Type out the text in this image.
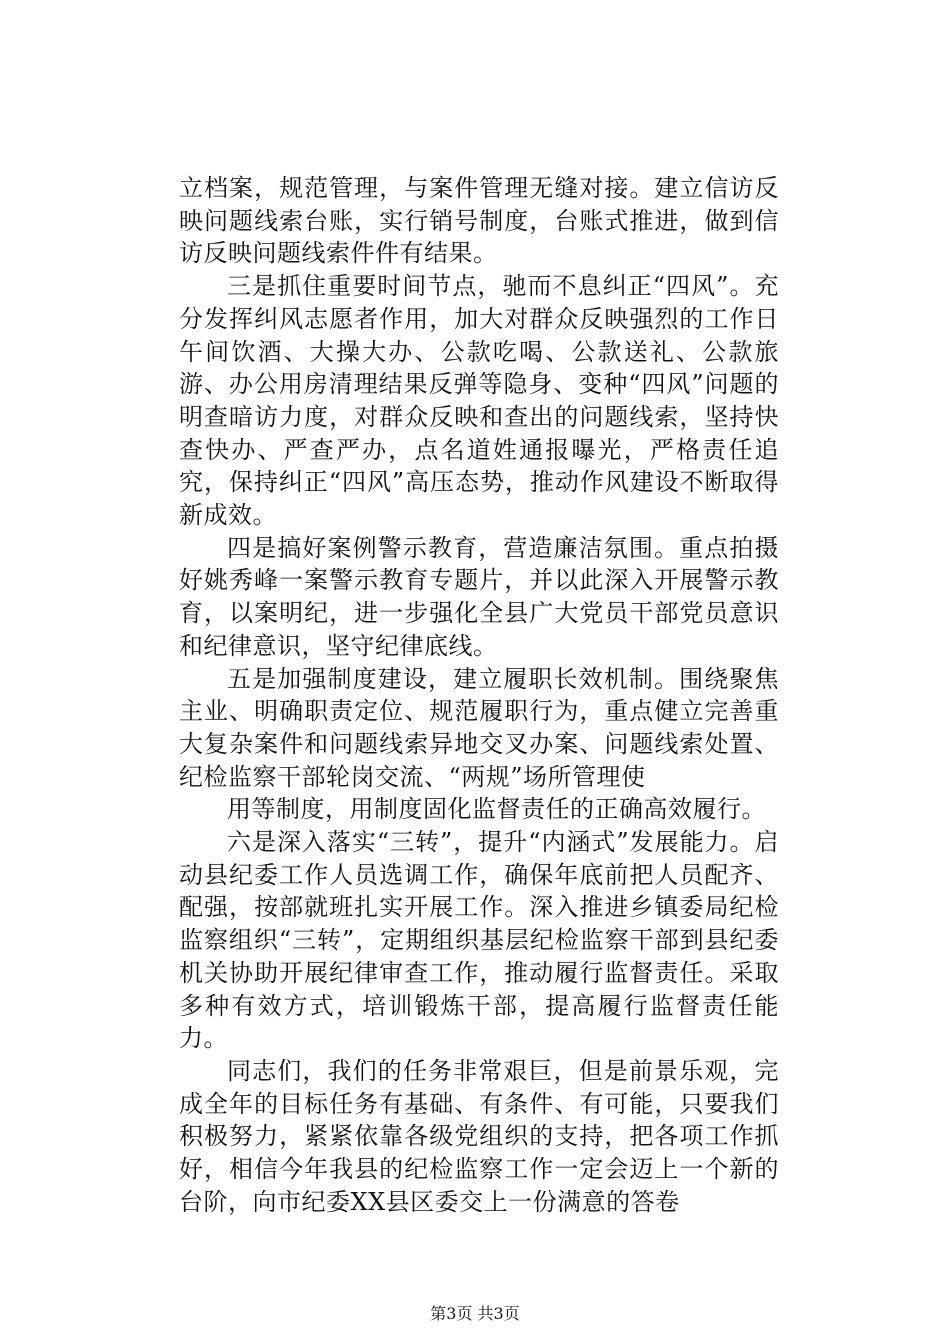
立档案，规范管理，与案件管理无缝对接。建立信访反映问题线索台账，实行销号制度，台账式推进，做到信访反映问题线索件件有结果。

三是抓住重要时间节点，驰而不息纠正“四风”。充分发挥纠风志愿者作用，加大对群众反映强烈的工作日午间饮酒、大操大办、公款吃喝、公款送礼、公款旅游、办公用房清理结果反弹等隐身、变种“四风”问题的明查暗访力度，对群众反映和查出的问题线索，坚持快查快办、严查严办，点名道姓通报曝光，严格责任追究，保持纠正“四风”高压态势，推动作风建设不断取得新成效。

四是搞好案例警示教育，营造廉洁氛围。重点拍摄好姚秀峰一案警示教育专题片，并以此深入开展警示教育，以案明纪，进一步强化全县广大党员干部党员意识和纪律意识，坚守纪律底线。

五是加强制度建设，建立履职长效机制。围绕聚焦主业、明确职责定位、规范履职行为，重点健立完善重大复杂案件和问题线索异地交叉办案、问题线索处置、纪检监察干部轮岗交流、“两规”场所管理使

用等制度，用制度固化监督责任的正确高效履行。

六是深入落实“三转”，提升“内涵式”发展能力。启动县纪委工作人员选调工作，确保年底前把人员配齐、配强，按部就班扎实开展工作。深入推进乡镇委局纪检监察组织“三转”，定期组织基层纪检监察干部到县纪委机关协助开展纪律审查工作，推动履行监督责任。采取多种有效方式，培训锻炼干部，提高履行监督责任能力。

同志们，我们的任务非常艰巨，但是前景乐观，完成全年的目标任务有基础、有条件、有可能，只要我们积极努力，紧紧依靠各级党组织的支持，把各项工作抓好，相信今年我县的纪检监察工作一定会迈上一个新的台阶，向市纪委XX县区委交上一份满意的答卷

第3页 共3页
